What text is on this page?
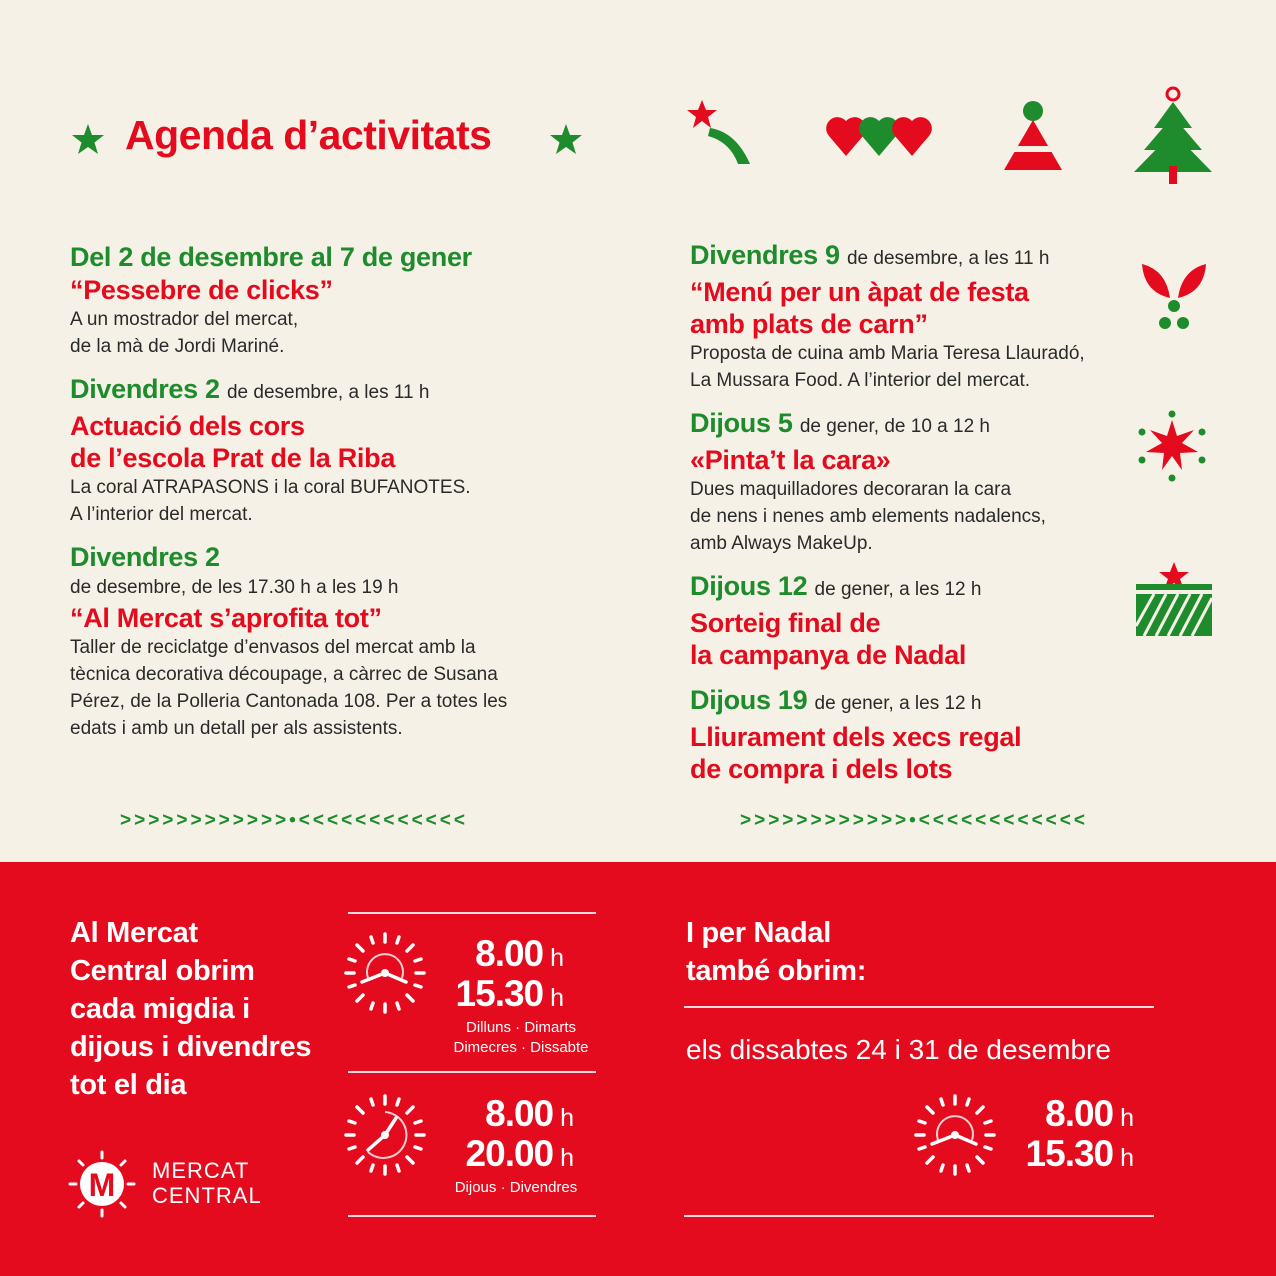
Agenda d’activitats
Del 2 de desembre al 7 de gener
“Pessebre de clicks”
A un mostrador del mercat,
de la mà de Jordi Mariné.
Divendres 2 de desembre, a les 11 h
Actuació dels cors
de l’escola Prat de la Riba
La coral ATRAPASONS i la coral BUFANOTES.
A l’interior del mercat.
Divendres 2
de desembre, de les 17.30 h a les 19 h
“Al Mercat s’aprofita tot”
Taller de reciclatge d’envasos del mercat amb la
tècnica decorativa découpage, a càrrec de Susana
Pérez, de la Polleria Cantonada 108. Per a totes les
edats i amb un detall per als assistents.
Divendres 9 de desembre, a les 11 h
“Menú per un àpat de festa
amb plats de carn”
Proposta de cuina amb Maria Teresa Llauradó,
La Mussara Food. A l’interior del mercat.
Dijous 5 de gener, de 10 a 12 h
«Pinta’t la cara»
Dues maquilladores decoraran la cara
de nens i nenes amb elements nadalencs,
amb Always MakeUp.
Dijous 12 de gener, a les 12 h
Sorteig final de
la campanya de Nadal
Dijous 19 de gener, a les 12 h
Lliurament dels xecs regal
de compra i dels lots
>>>>>>>>>>>>•<<<<<<<<<<<<	>>>>>>>>>>>>•<<<<<<<<<<<<
Al Mercat
Central obrim
cada migdia i
dijous i divendres
tot el dia
8.00 h
15.30 h
Dilluns · Dimarts
Dimecres · Dissabte
8.00 h
20.00 h
Dijous · Divendres
M MERCAT
CENTRAL
I per Nadal
també obrim:
els dissabtes 24 i 31 de desembre
8.00 h
15.30 h
